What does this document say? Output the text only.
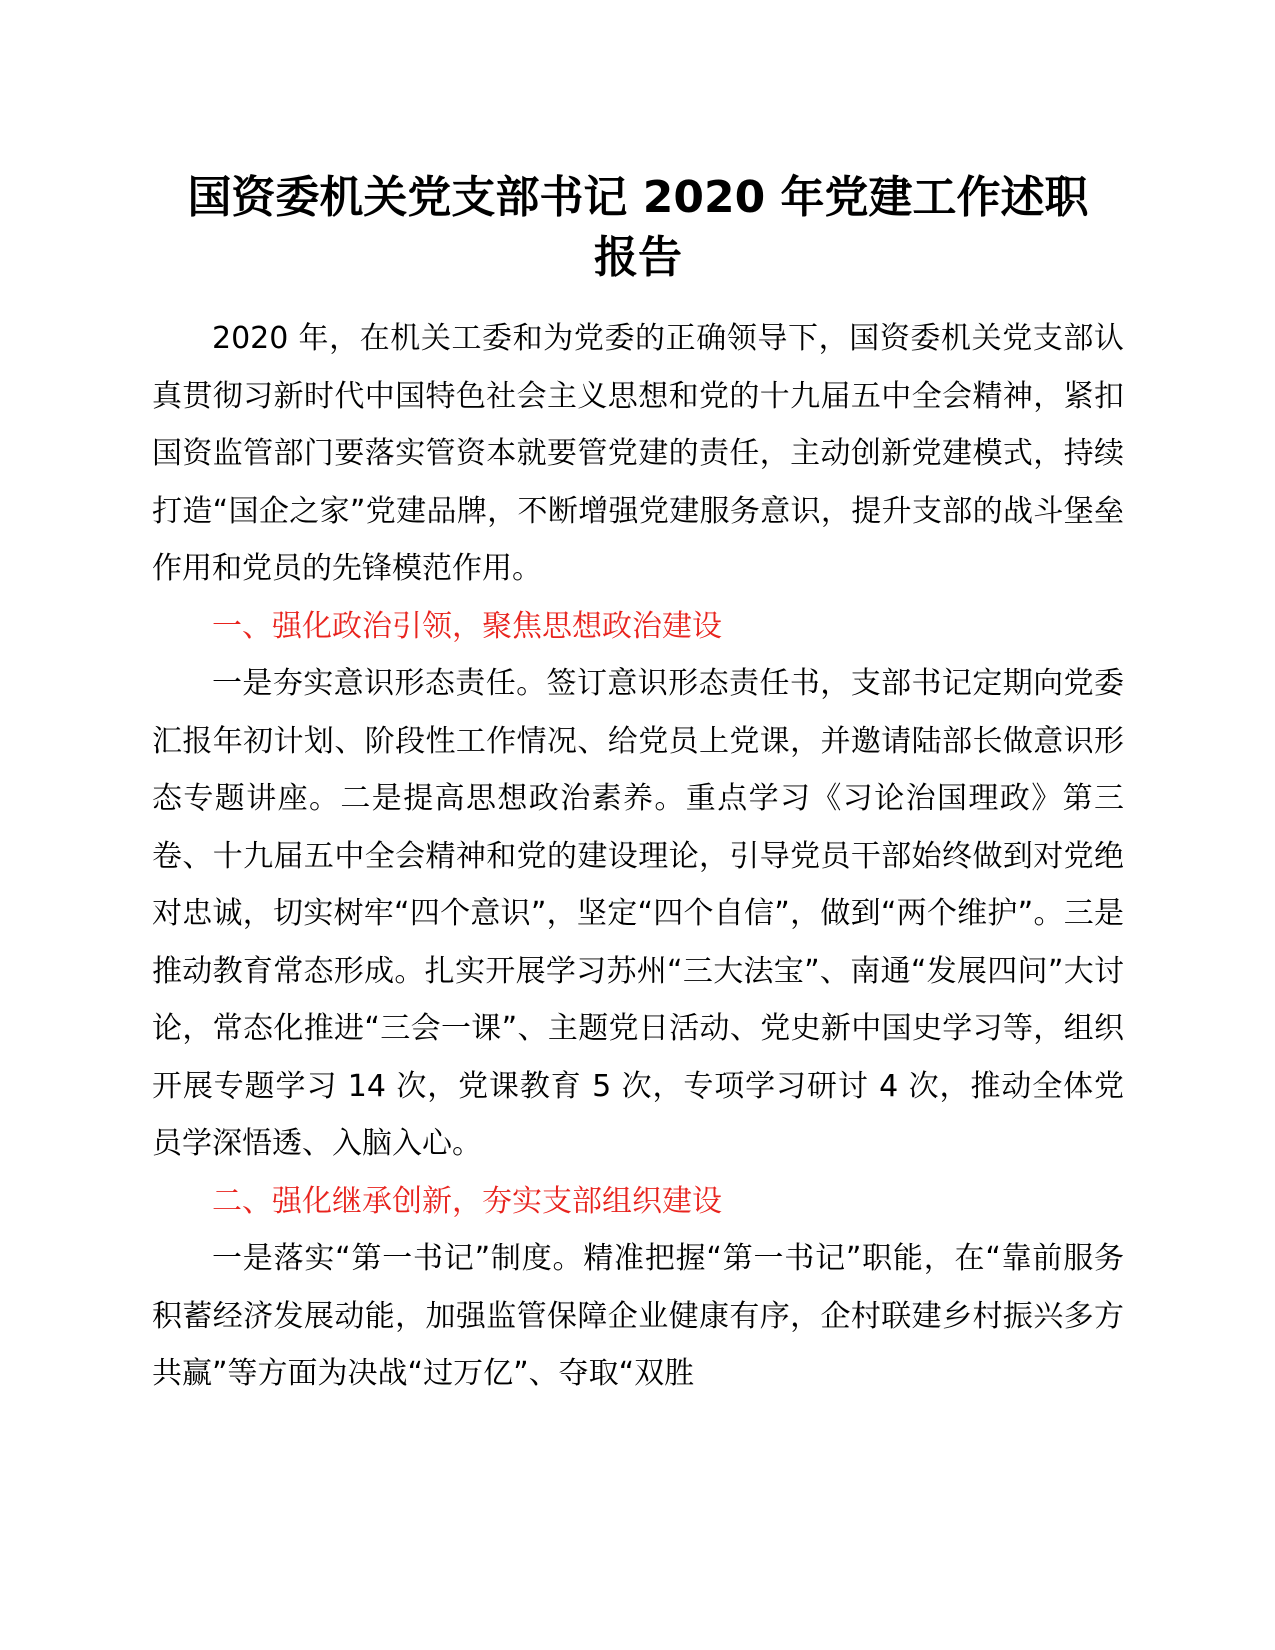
国资委机关党支部书记 2020 年党建工作述职
报告

2020 年，在机关工委和为党委的正确领导下，国资委机关党支部认真贯彻习新时代中国特色社会主义思想和党的十九届五中全会精神，紧扣国资监管部门要落实管资本就要管党建的责任，主动创新党建模式，持续打造“国企之家”党建品牌，不断增强党建服务意识，提升支部的战斗堡垒作用和党员的先锋模范作用。

一、强化政治引领，聚焦思想政治建设

一是夯实意识形态责任。签订意识形态责任书，支部书记定期向党委汇报年初计划、阶段性工作情况、给党员上党课，并邀请陆部长做意识形态专题讲座。二是提高思想政治素养。重点学习《习论治国理政》第三卷、十九届五中全会精神和党的建设理论，引导党员干部始终做到对党绝对忠诚，切实树牢“四个意识”，坚定“四个自信”，做到“两个维护”。三是推动教育常态形成。扎实开展学习苏州“三大法宝”、南通“发展四问”大讨论，常态化推进“三会一课”、主题党日活动、党史新中国史学习等，组织开展专题学习 14 次，党课教育 5 次，专项学习研讨 4 次，推动全体党员学深悟透、入脑入心。

二、强化继承创新，夯实支部组织建设

一是落实“第一书记”制度。精准把握“第一书记”职能，在“靠前服务积蓄经济发展动能，加强监管保障企业健康有序，企村联建乡村振兴多方共赢”等方面为决战“过万亿”、夺取“双胜
